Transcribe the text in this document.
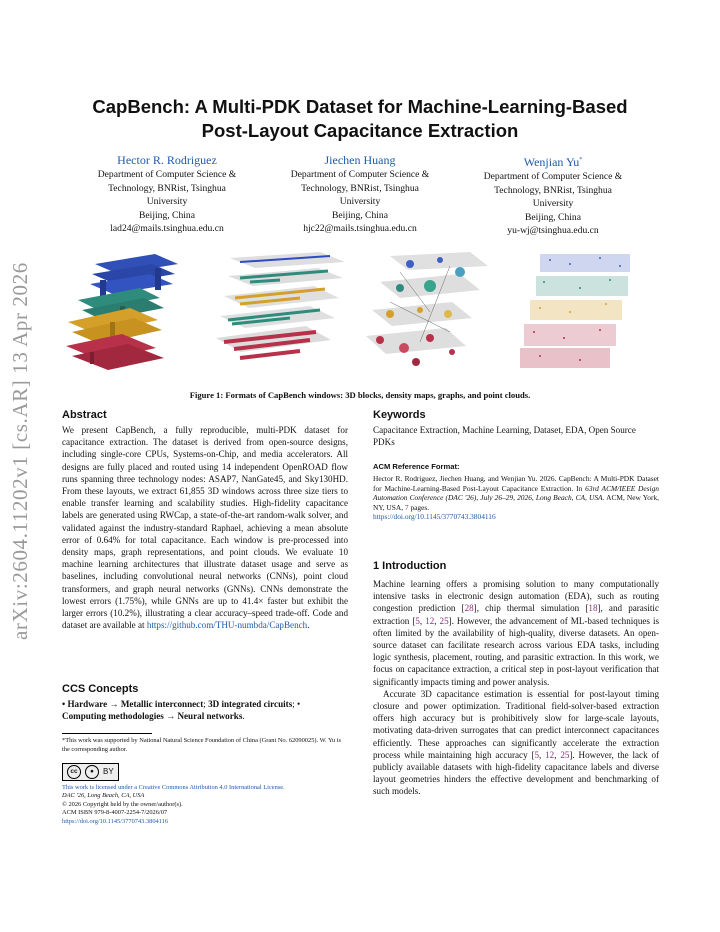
CapBench: A Multi-PDK Dataset for Machine-Learning-Based
Post-Layout Capacitance Extraction
Hector R. Rodriguez
Department of Computer Science &
Technology, BNRist, Tsinghua
University
Beijing, China
lad24@mails.tsinghua.edu.cn
Jiechen Huang
Department of Computer Science &
Technology, BNRist, Tsinghua
University
Beijing, China
hjc22@mails.tsinghua.edu.cn
Wenjian Yu*
Department of Computer Science &
Technology, BNRist, Tsinghua
University
Beijing, China
yu-wj@tsinghua.edu.cn
arXiv:2604.11202v1 [cs.AR] 13 Apr 2026	Figure 1: Formats of CapBench windows: 3D blocks, density maps, graphs, and point clouds.
Abstract
We present CapBench, a fully reproducible, multi-PDK dataset for capacitance extraction. The dataset is derived from open-source designs, including single-core CPUs, Systems-on-Chip, and media accelerators. All designs are fully placed and routed using 14 independent OpenROAD flow runs spanning three technology nodes: ASAP7, NanGate45, and Sky130HD. From these layouts, we extract 61,855 3D windows across three size tiers to enable transfer learning and scalability studies. High-fidelity capacitance labels are generated using RWCap, a state-of-the-art random-walk solver, and validated against the industry-standard Raphael, achieving a mean absolute error of 0.64% for total capacitance. Each window is pre-processed into density maps, graph representations, and point clouds. We evaluate 10 machine learning architectures that illustrate dataset usage and serve as baselines, including convolutional neural networks (CNNs), point cloud transformers, and graph neural networks (GNNs). CNNs demonstrate the lowest errors (1.75%), while GNNs are up to 41.4× faster but exhibit the larger errors (10.2%), illustrating a clear accuracy–speed trade-off. Code and dataset are available at https://github.com/THU-numbda/CapBench.
CCS Concepts
• Hardware → Metallic interconnect; 3D integrated circuits; •
Computing methodologies → Neural networks.
*This work was supported by National Natural Science Foundation of China (Grant No. 62090025). W. Yu is the corresponding author.
cc	●	BY
This work is licensed under a Creative Commons Attribution 4.0 International License.
DAC '26, Long Beach, CA, USA
© 2026 Copyright held by the owner/author(s).
ACM ISBN 979-8-4007-2254-7/2026/07
https://doi.org/10.1145/3770743.3804116
Keywords
Capacitance Extraction, Machine Learning, Dataset, EDA, Open Source PDKs
ACM Reference Format:
Hector R. Rodriguez, Jiechen Huang, and Wenjian Yu. 2026. CapBench: A Multi-PDK Dataset for Machine-Learning-Based Post-Layout Capacitance Extraction. In 63rd ACM/IEEE Design Automation Conference (DAC '26), July 26–29, 2026, Long Beach, CA, USA. ACM, New York, NY, USA, 7 pages.
https://doi.org/10.1145/3770743.3804116
1 Introduction
Machine learning offers a promising solution to many computationally intensive tasks in electronic design automation (EDA), such as routing congestion prediction [28], chip thermal simulation [18], and parasitic extraction [5, 12, 25]. However, the advancement of ML-based techniques is often limited by the availability of high-quality, diverse datasets. An open-source dataset can facilitate research across various EDA tasks, including logic synthesis, placement, routing, and parasitic extraction. In this work, we focus on capacitance extraction, a critical step in post-layout verification that significantly impacts timing and power analysis.
Accurate 3D capacitance estimation is essential for post-layout timing closure and power optimization. Traditional field-solver-based extraction offers high accuracy but is prohibitively slow for large-scale layouts, motivating data-driven surrogates that can predict interconnect capacitances efficiently. These approaches can significantly accelerate the extraction process while maintaining high accuracy [5, 12, 25]. However, the lack of publicly available datasets with high-fidelity capacitance labels and diverse layout geometries hinders the effective development and benchmarking of such models.
